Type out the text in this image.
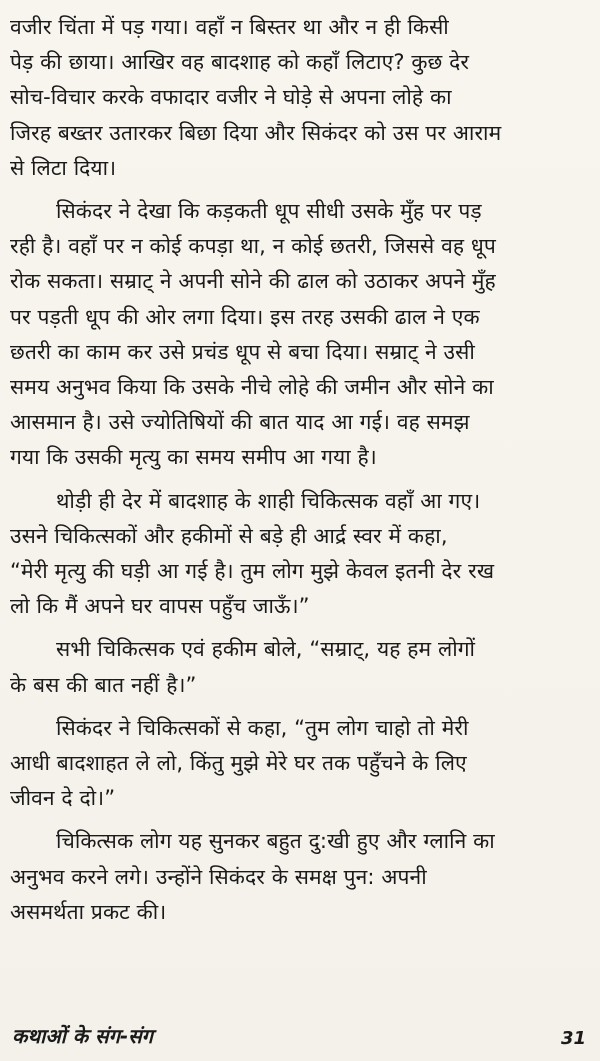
वजीर चिंता में पड़ गया। वहाँ न बिस्तर था और न ही किसी
पेड़ की छाया। आखिर वह बादशाह को कहाँ लिटाए? कुछ देर
सोच-विचार करके वफादार वजीर ने घोड़े से अपना लोहे का
जिरह बख्तर उतारकर बिछा दिया और सिकंदर को उस पर आराम
से लिटा दिया।

सिकंदर ने देखा कि कड़कती धूप सीधी उसके मुँह पर पड़
रही है। वहाँ पर न कोई कपड़ा था, न कोई छतरी, जिससे वह धूप
रोक सकता। सम्राट् ने अपनी सोने की ढाल को उठाकर अपने मुँह
पर पड़ती धूप की ओर लगा दिया। इस तरह उसकी ढाल ने एक
छतरी का काम कर उसे प्रचंड धूप से बचा दिया। सम्राट् ने उसी
समय अनुभव किया कि उसके नीचे लोहे की जमीन और सोने का
आसमान है। उसे ज्योतिषियों की बात याद आ गई। वह समझ
गया कि उसकी मृत्यु का समय समीप आ गया है।

थोड़ी ही देर में बादशाह के शाही चिकित्सक वहाँ आ गए।
उसने चिकित्सकों और हकीमों से बड़े ही आर्द्र स्वर में कहा,
“मेरी मृत्यु की घड़ी आ गई है। तुम लोग मुझे केवल इतनी देर रख
लो कि मैं अपने घर वापस पहुँच जाऊँ।”

सभी चिकित्सक एवं हकीम बोले, “सम्राट्, यह हम लोगों
के बस की बात नहीं है।”

सिकंदर ने चिकित्सकों से कहा, “तुम लोग चाहो तो मेरी
आधी बादशाहत ले लो, किंतु मुझे मेरे घर तक पहुँचने के लिए
जीवन दे दो।”

चिकित्सक लोग यह सुनकर बहुत दु:खी हुए और ग्लानि का
अनुभव करने लगे। उन्होंने सिकंदर के समक्ष पुन: अपनी
असमर्थता प्रकट की।

कथाओं के संग-संग	31
